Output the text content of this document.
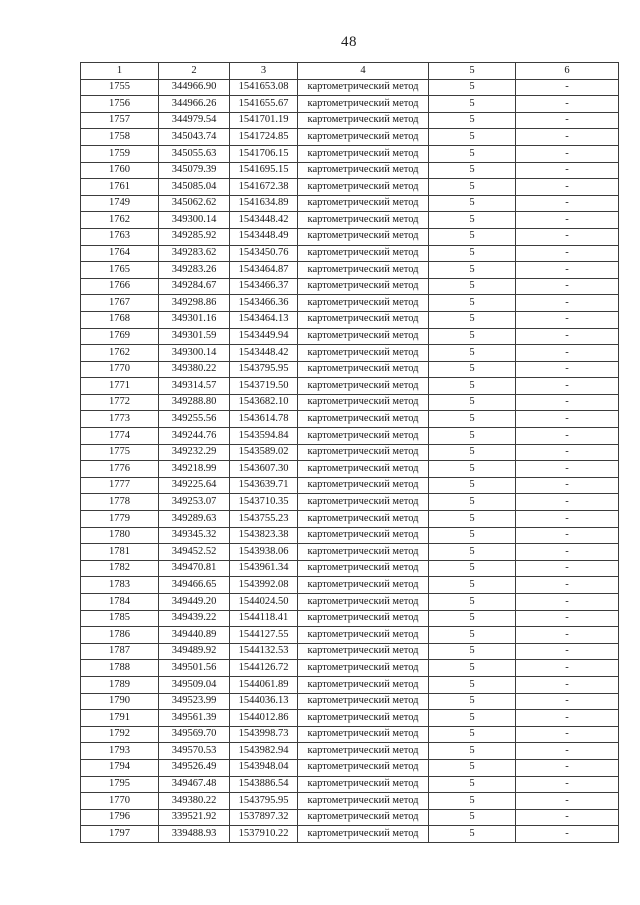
48
1	2	3	4	5	6
1755	344966.90	1541653.08	картометрический метод	5	-
1756	344966.26	1541655.67	картометрический метод	5	-
1757	344979.54	1541701.19	картометрический метод	5	-
1758	345043.74	1541724.85	картометрический метод	5	-
1759	345055.63	1541706.15	картометрический метод	5	-
1760	345079.39	1541695.15	картометрический метод	5	-
1761	345085.04	1541672.38	картометрический метод	5	-
1749	345062.62	1541634.89	картометрический метод	5	-
1762	349300.14	1543448.42	картометрический метод	5	-
1763	349285.92	1543448.49	картометрический метод	5	-
1764	349283.62	1543450.76	картометрический метод	5	-
1765	349283.26	1543464.87	картометрический метод	5	-
1766	349284.67	1543466.37	картометрический метод	5	-
1767	349298.86	1543466.36	картометрический метод	5	-
1768	349301.16	1543464.13	картометрический метод	5	-
1769	349301.59	1543449.94	картометрический метод	5	-
1762	349300.14	1543448.42	картометрический метод	5	-
1770	349380.22	1543795.95	картометрический метод	5	-
1771	349314.57	1543719.50	картометрический метод	5	-
1772	349288.80	1543682.10	картометрический метод	5	-
1773	349255.56	1543614.78	картометрический метод	5	-
1774	349244.76	1543594.84	картометрический метод	5	-
1775	349232.29	1543589.02	картометрический метод	5	-
1776	349218.99	1543607.30	картометрический метод	5	-
1777	349225.64	1543639.71	картометрический метод	5	-
1778	349253.07	1543710.35	картометрический метод	5	-
1779	349289.63	1543755.23	картометрический метод	5	-
1780	349345.32	1543823.38	картометрический метод	5	-
1781	349452.52	1543938.06	картометрический метод	5	-
1782	349470.81	1543961.34	картометрический метод	5	-
1783	349466.65	1543992.08	картометрический метод	5	-
1784	349449.20	1544024.50	картометрический метод	5	-
1785	349439.22	1544118.41	картометрический метод	5	-
1786	349440.89	1544127.55	картометрический метод	5	-
1787	349489.92	1544132.53	картометрический метод	5	-
1788	349501.56	1544126.72	картометрический метод	5	-
1789	349509.04	1544061.89	картометрический метод	5	-
1790	349523.99	1544036.13	картометрический метод	5	-
1791	349561.39	1544012.86	картометрический метод	5	-
1792	349569.70	1543998.73	картометрический метод	5	-
1793	349570.53	1543982.94	картометрический метод	5	-
1794	349526.49	1543948.04	картометрический метод	5	-
1795	349467.48	1543886.54	картометрический метод	5	-
1770	349380.22	1543795.95	картометрический метод	5	-
1796	339521.92	1537897.32	картометрический метод	5	-
1797	339488.93	1537910.22	картометрический метод	5	-
